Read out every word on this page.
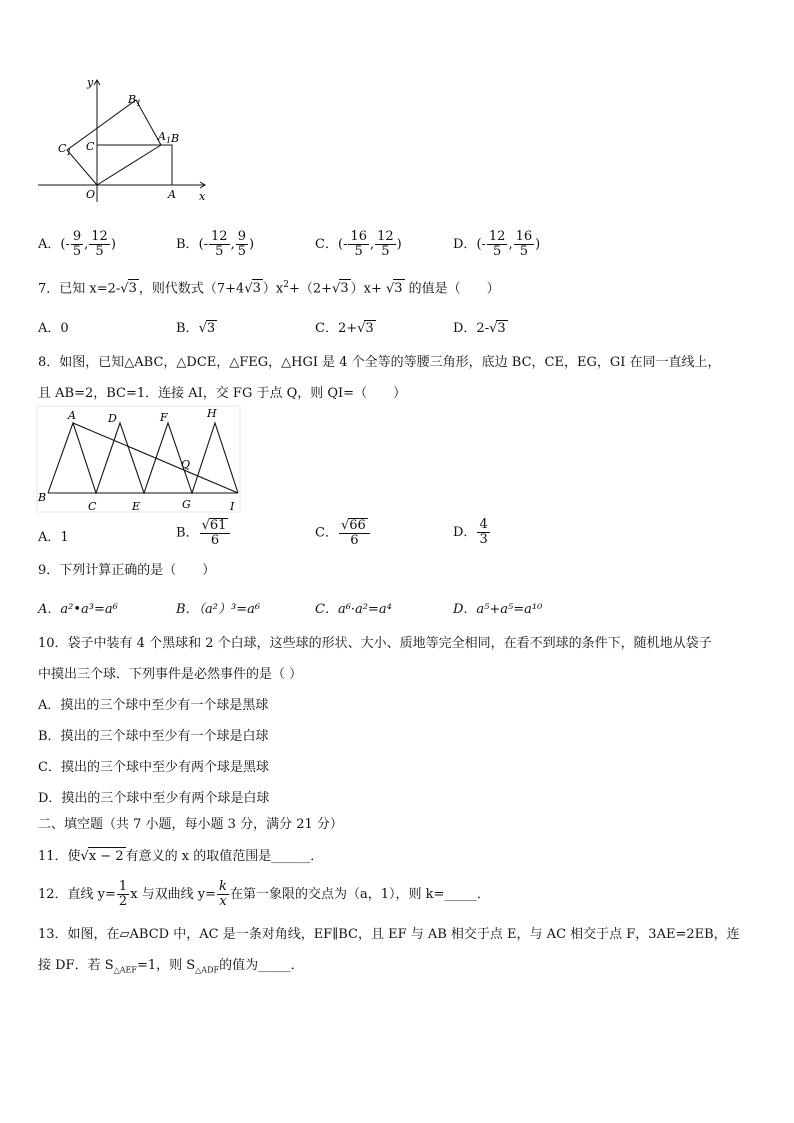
y
x
O	A
B
C
$A_1$
$B_1$
$C_1$
A．(- $\frac{9}{5}$ , $\frac{12}{5}$ )	B．(- $\frac{12}{5}$ , $\frac{9}{5}$ )	C．(- $\frac{16}{5}$ , $\frac{12}{5}$ )	D．(- $\frac{12}{5}$ , $\frac{16}{5}$ )
7．已知 x=2-√3 ，则代数式（7+4√3 ）$x^2+(2+√3$ ）x+ √3 的值是（　　）
A．0	B．√3	C．2+√3	D．2-√3
8．如图，已知△ABC，△DCE，△FEG，△HGI 是 4 个全等的等腰三角形，底边 BC，CE，EG，GI 在同一直线上，
且 AB=2，BC=1．连接 AI，交 FG 于点 Q，则 QI=（　　）
A	D	F	H
Q
B
C	E	G	I
A．1	B． $\frac{√61}{6}$	C． $\frac{√66}{6}$	D． $\frac{4}{3}$
9．下列计算正确的是（　　）
A．a²•a³=a⁶	B．（a²）³=a⁶	C．a⁶·a²=a⁴	D．a⁵+a⁵=a¹⁰
10．袋子中装有 4 个黑球和 2 个白球，这些球的形状、大小、质地等完全相同，在看不到球的条件下，随机地从袋子
中摸出三个球．下列事件是必然事件的是（ ）
A．摸出的三个球中至少有一个球是黑球
B．摸出的三个球中至少有一个球是白球
C．摸出的三个球中至少有两个球是黑球
D．摸出的三个球中至少有两个球是白球
二、填空题（共 7 小题，每小题 3 分，满分 21 分）
11．使√x − 2 有意义的 x 的取值范围是______．
12．直线 $y= \frac{1}{2}$ x 与双曲线 $y= \frac{k}{x}$ 在第一象限的交点为（a，1），则 k=_____．
13．如图，在▱ABCD 中，AC 是一条对角线，EF∥BC，且 EF 与 AB 相交于点 E，与 AC 相交于点 F，3AE=2EB，连
接 DF．若 $S_{\triangle AEF}=1$，则 $S_{\triangle ADF}$的值为_____．
